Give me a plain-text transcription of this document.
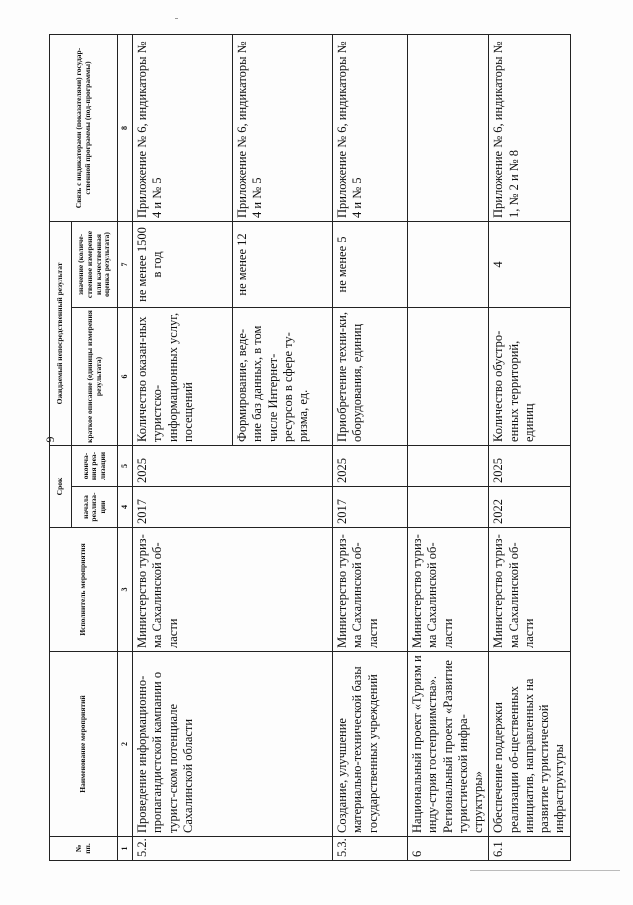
6
№ пп.	Наименование мероприятий	Исполнитель мероприятия	Срок		Ожидаемый непосредственный результат		Связь с индикаторами (показателями) государ-ственной программы (под-программы)
			начала реализа-ции	оконча-ния реа-лизации	краткое описание (единицы измерения результата)	значение (количе-ственное измерение или качественная оценка результата)	
1	2	3	4	5	6	7	8
5.2.	Проведение информационно-пропагандистской кампании о турист-ском потенциале Сахалинской области	Министерство туриз-ма Сахалинской об-ласти	2017	2025	Количество оказан-ных туристско-информационных услуг, посещений	не менее 1500 в год	Приложение № 6, индикаторы № 4 и № 5
					Формирование, веде-ние баз данных, в том числе Интернет-ресурсов в сфере ту-ризма, ед.	не менее 12	Приложение № 6, индикаторы № 4 и № 5
5.3.	Создание, улучшение материально-технической базы государственных учреждений	Министерство туриз-ма Сахалинской об-ласти	2017	2025	Приобретение техни-ки, оборудования, единиц	не менее 5	Приложение № 6, индикаторы № 4 и № 5
6	Национальный проект «Туризм и инду-стрия гостеприимства». Региональный проект «Развитие туристической инфра-структуры»	Министерство туриз-ма Сахалинской об-ласти					
6.1	Обеспечение поддержки реализации об-щественных инициатив, направленных на развитие туристической инфраструктуры	Министерство туриз-ма Сахалинской об-ласти	2022	2025	Количество обустро-енных территорий, единиц	4	Приложение № 6, индикаторы № 1, № 2 и № 8
